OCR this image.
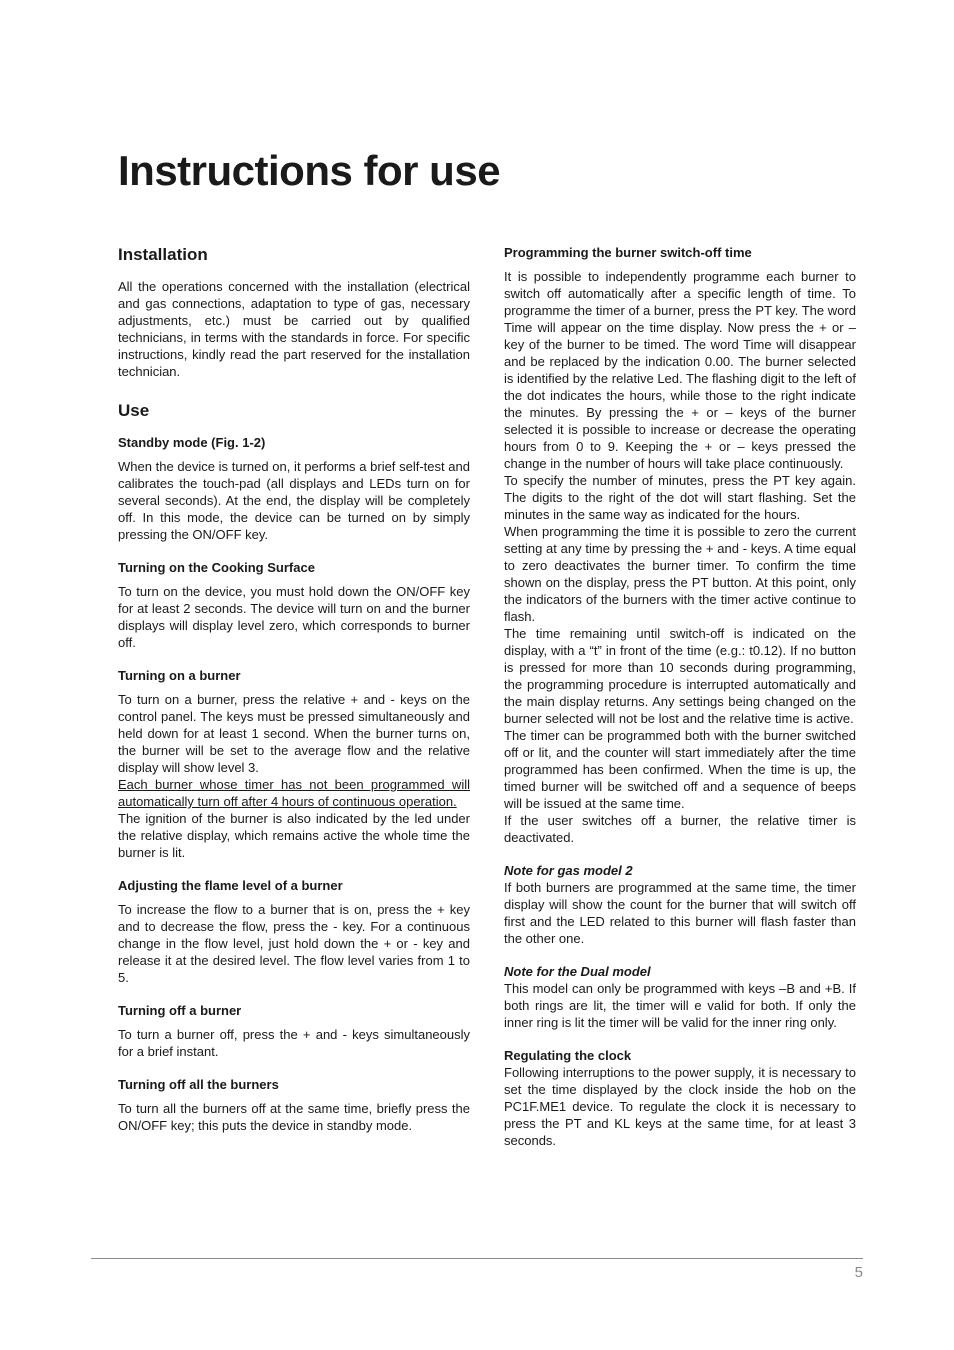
Instructions for use
Installation

All the operations concerned with the installation (electrical and gas connections, adaptation to type of gas, necessary adjustments, etc.) must be carried out by qualified technicians, in terms with the standards in force. For specific instructions, kindly read the part reserved for the installation technician.

Use
Standby mode (Fig. 1-2)

When the device is turned on, it performs a brief self-test and calibrates the touch-pad (all displays and LEDs turn on for several seconds). At the end, the display will be completely off. In this mode, the device can be turned on by simply pressing the ON/OFF key.

Turning on the Cooking Surface

To turn on the device, you must hold down the ON/OFF key for at least 2 seconds. The device will turn on and the burner displays will display level zero, which corresponds to burner off.

Turning on a burner

To turn on a burner, press the relative + and - keys on the control panel. The keys must be pressed simultaneously and held down for at least 1 second. When the burner turns on, the burner will be set to the average flow and the relative display will show level 3.

Each burner whose timer has not been programmed will automatically turn off after 4 hours of continuous operation.

The ignition of the burner is also indicated by the led under the relative display, which remains active the whole time the burner is lit.

Adjusting the flame level of a burner

To increase the flow to a burner that is on, press the + key and to decrease the flow, press the - key. For a continuous change in the flow level, just hold down the + or - key and release it at the desired level. The flow level varies from 1 to 5.

Turning off a burner

To turn a burner off, press the + and - keys simultaneously for a brief instant.

Turning off all the burners

To turn all the burners off at the same time, briefly press the ON/OFF key; this puts the device in standby mode.

Programming the burner switch-off time

It is possible to independently programme each burner to switch off automatically after a specific length of time. To programme the timer of a burner, press the PT key. The word Time will appear on the time display. Now press the + or – key of the burner to be timed. The word Time will disappear and be replaced by the indication 0.00. The burner selected is identified by the relative Led. The flashing digit to the left of the dot indicates the hours, while those to the right indicate the minutes. By pressing the + or – keys of the burner selected it is possible to increase or decrease the operating hours from 0 to 9. Keeping the + or – keys pressed the change in the number of hours will take place continuously.

To specify the number of minutes, press the PT key again. The digits to the right of the dot will start flashing. Set the minutes in the same way as indicated for the hours.

When programming the time it is possible to zero the current setting at any time by pressing the + and - keys. A time equal to zero deactivates the burner timer. To confirm the time shown on the display, press the PT button. At this point, only the indicators of the burners with the timer active continue to flash.

The time remaining until switch-off is indicated on the display, with a “t” in front of the time (e.g.: t0.12). If no button is pressed for more than 10 seconds during programming, the programming procedure is interrupted automatically and the main display returns. Any settings being changed on the burner selected will not be lost and the relative time is active.

The timer can be programmed both with the burner switched off or lit, and the counter will start immediately after the time programmed has been confirmed. When the time is up, the timed burner will be switched off and a sequence of beeps will be issued at the same time.

If the user switches off a burner, the relative timer is deactivated.

Note for gas model 2

If both burners are programmed at the same time, the timer display will show the count for the burner that will switch off first and the LED related to this burner will flash faster than the other one.

Note for the Dual model

This model can only be programmed with keys –B and +B. If both rings are lit, the timer will e valid for both. If only the inner ring is lit the timer will be valid for the inner ring only.

Regulating the clock

Following interruptions to the power supply, it is necessary to set the time displayed by the clock inside the hob on the PC1F.ME1 device. To regulate the clock it is necessary to press the PT and KL keys at the same time, for at least 3 seconds.

5
